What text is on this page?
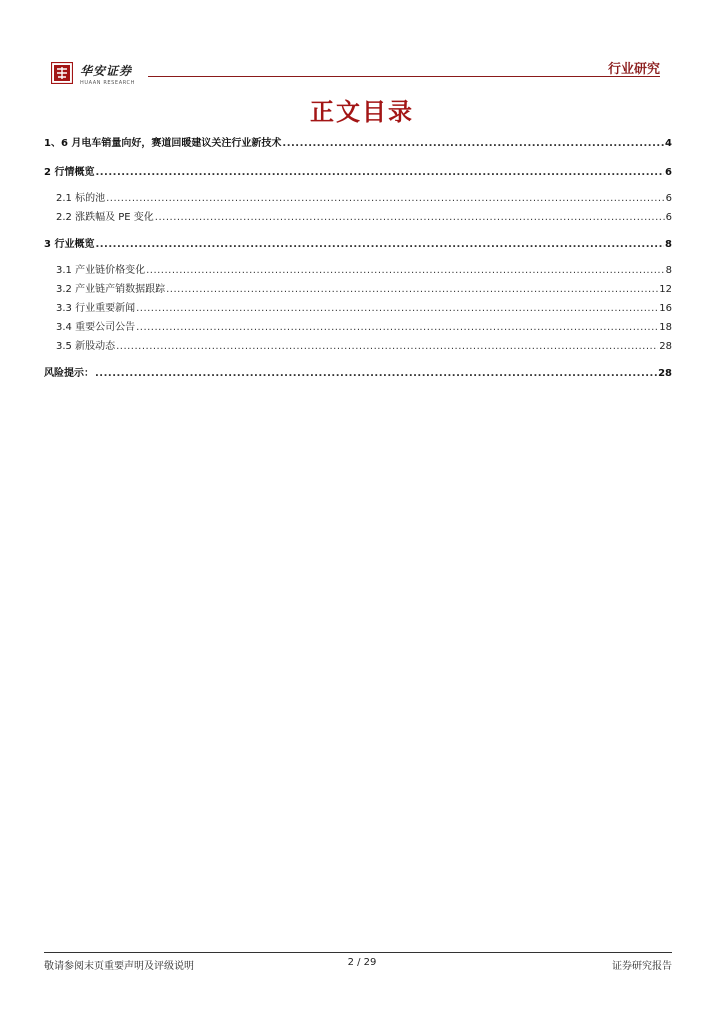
华安证券
HUAAN RESEARCH
行业研究
正文目录
1、6 月电车销量向好，赛道回暖建议关注行业新技术 .....	4
2 行情概览 .....	6
2.1 标的池 .....	6
2.2 涨跌幅及 PE 变化 .....	6
3 行业概览 .....	8
3.1 产业链价格变化 .....	8
3.2 产业链产销数据跟踪 .....	12
3.3 行业重要新闻 .....	16
3.4 重要公司公告 .....	18
3.5 新股动态 .....	28
风险提示： .....	28
敬请参阅末页重要声明及评级说明	2 / 29	证券研究报告
